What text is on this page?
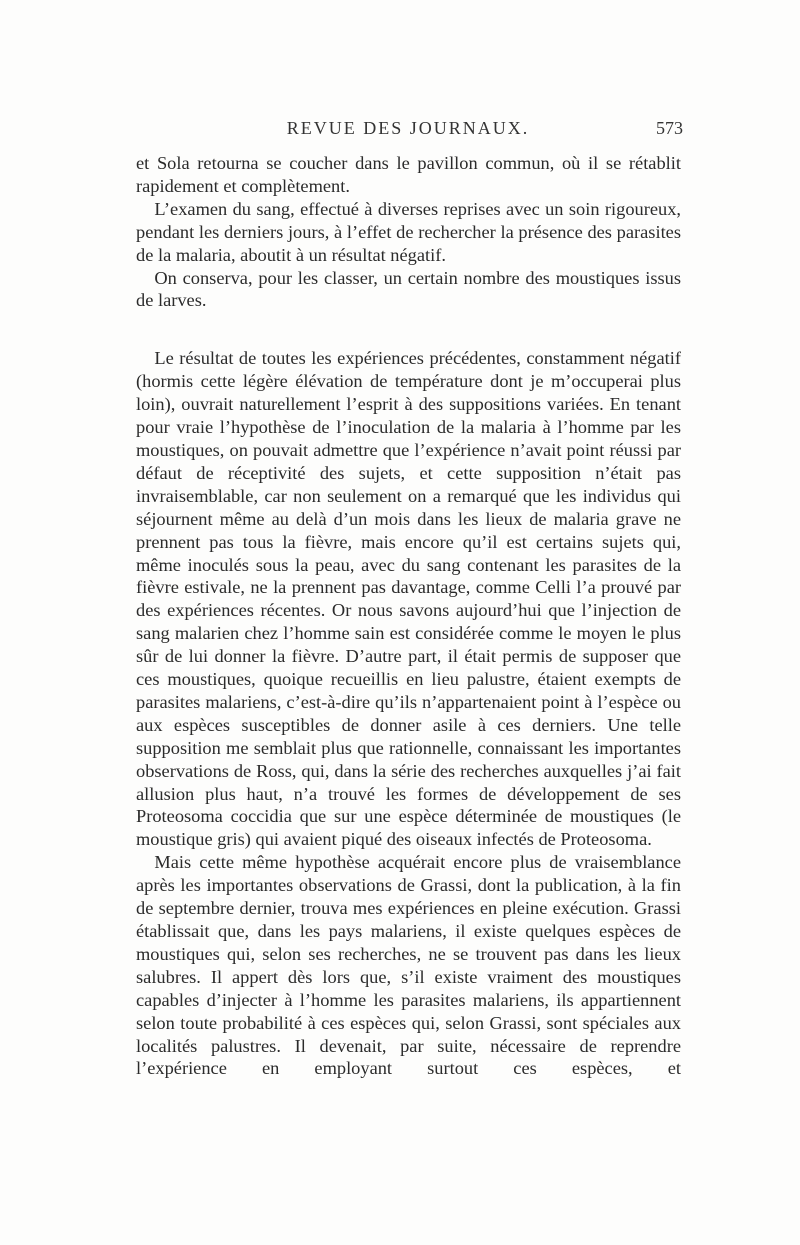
REVUE DES JOURNAUX.	573

et Sola retourna se coucher dans le pavillon commun, où il se rétablit rapidement et complètement.

L’examen du sang, effectué à diverses reprises avec un soin rigoureux, pendant les derniers jours, à l’effet de rechercher la présence des parasites de la malaria, aboutit à un résultat négatif.

On conserva, pour les classer, un certain nombre des moustiques issus de larves.

Le résultat de toutes les expériences précédentes, constamment négatif (hormis cette légère élévation de température dont je m’occuperai plus loin), ouvrait naturellement l’esprit à des suppositions variées. En tenant pour vraie l’hypothèse de l’inoculation de la malaria à l’homme par les moustiques, on pouvait admettre que l’expérience n’avait point réussi par défaut de réceptivité des sujets, et cette supposition n’était pas invraisemblable, car non seulement on a remarqué que les individus qui séjournent même au delà d’un mois dans les lieux de malaria grave ne prennent pas tous la fièvre, mais encore qu’il est certains sujets qui, même inoculés sous la peau, avec du sang contenant les parasites de la fièvre estivale, ne la prennent pas davantage, comme Celli l’a prouvé par des expériences récentes. Or nous savons aujourd’hui que l’injection de sang malarien chez l’homme sain est considérée comme le moyen le plus sûr de lui donner la fièvre. D’autre part, il était permis de supposer que ces moustiques, quoique recueillis en lieu palustre, étaient exempts de parasites malariens, c’est-à-dire qu’ils n’appartenaient point à l’espèce ou aux espèces susceptibles de donner asile à ces derniers. Une telle supposition me semblait plus que rationnelle, connaissant les importantes observations de Ross, qui, dans la série des recherches auxquelles j’ai fait allusion plus haut, n’a trouvé les formes de développement de ses Proteosoma coccidia que sur une espèce déterminée de moustiques (le moustique gris) qui avaient piqué des oiseaux infectés de Proteosoma.

Mais cette même hypothèse acquérait encore plus de vraisemblance après les importantes observations de Grassi, dont la publication, à la fin de septembre dernier, trouva mes expériences en pleine exécution. Grassi établissait que, dans les pays malariens, il existe quelques espèces de moustiques qui, selon ses recherches, ne se trouvent pas dans les lieux salubres. Il appert dès lors que, s’il existe vraiment des moustiques capables d’injecter à l’homme les parasites malariens, ils appartiennent selon toute probabilité à ces espèces qui, selon Grassi, sont spéciales aux localités palustres. Il devenait, par suite, nécessaire de reprendre l’expérience en employant surtout ces espèces, et
